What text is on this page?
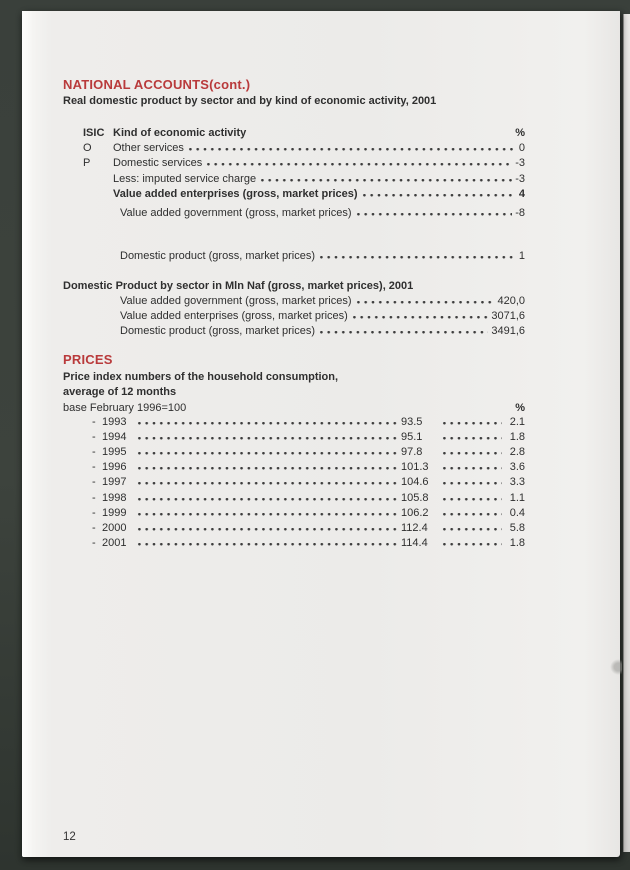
NATIONAL ACCOUNTS(cont.)
Real domestic product by sector and by kind of economic activity, 2001
ISIC Kind of economic activity	%
O	Other services	0
P	Domestic services	-3
Less: imputed service charge	-3
Value added enterprises (gross, market prices)	4
Value added government (gross, market prices)	-8
Domestic product (gross, market prices)	1
Domestic Product by sector in Mln Naf (gross, market prices), 2001
Value added government (gross, market prices)	420,0
Value added enterprises (gross, market prices)	3071,6
Domestic product (gross, market prices)	3491,6
PRICES
Price index numbers of the household consumption,
average of 12 months
base February 1996=100	%
- 1993	93.5	2.1
- 1994	95.1	1.8
- 1995	97.8	2.8
- 1996	101.3	3.6
- 1997	104.6	3.3
- 1998	105.8	1.1
- 1999	106.2	0.4
- 2000	112.4	5.8
- 2001	114.4	1.8
12
